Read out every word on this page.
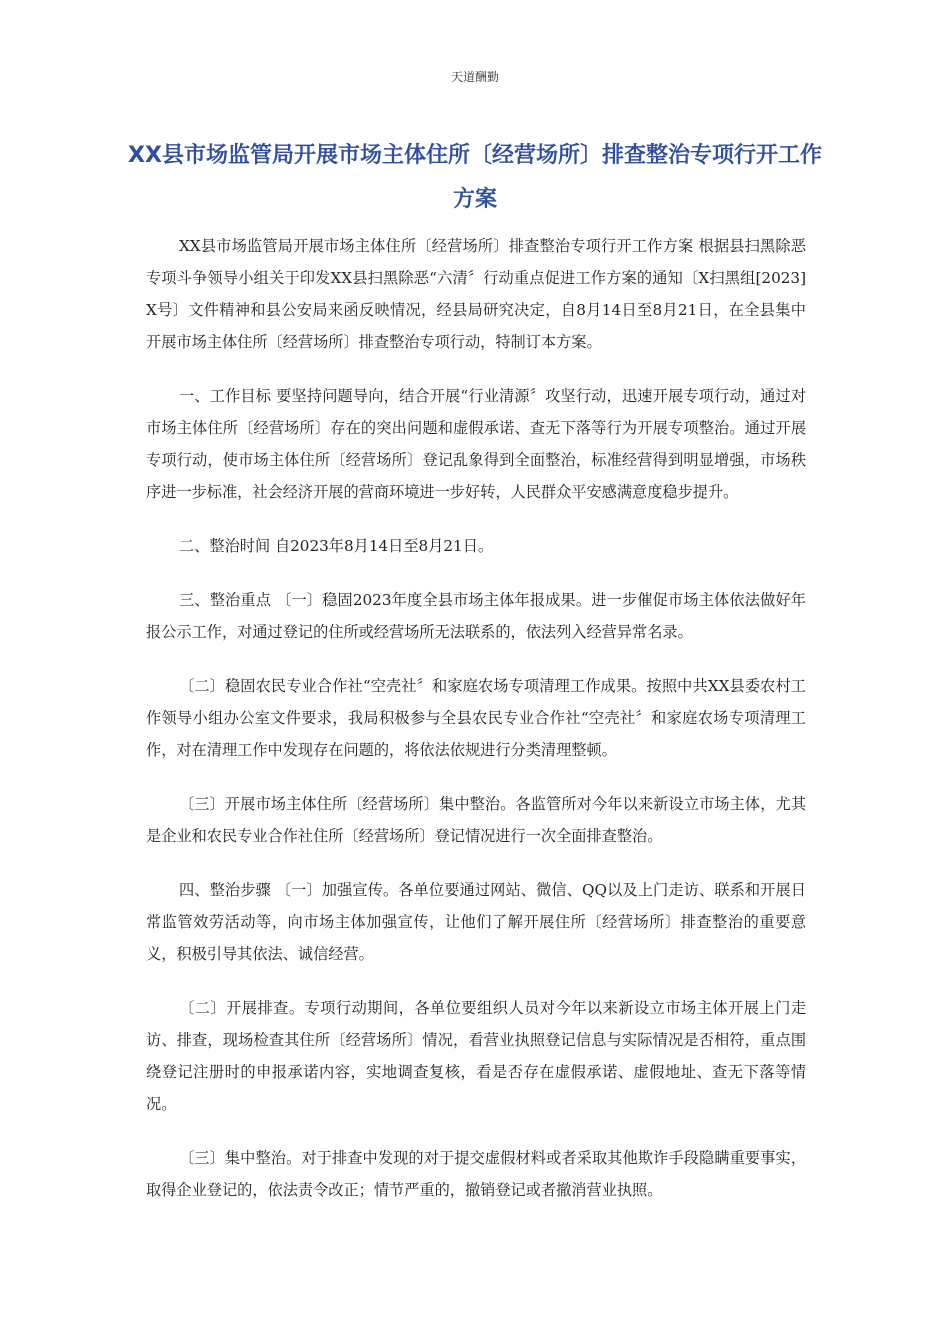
天道酬勤
XX县市场监管局开展市场主体住所〔经营场所〕排查整治专项行开工作方案

XX县市场监管局开展市场主体住所〔经营场所〕排查整治专项行开工作方案 根据县扫黑除恶专项斗争领导小组关于印发XX县扫黑除恶“六清〞行动重点促进工作方案的通知〔X扫黑组[2023]X号〕文件精神和县公安局来函反映情况，经县局研究决定，自8月14日至8月21日，在全县集中开展市场主体住所〔经营场所〕排查整治专项行动，特制订本方案。

一、工作目标 要坚持问题导向，结合开展“行业清源〞攻坚行动，迅速开展专项行动，通过对市场主体住所〔经营场所〕存在的突出问题和虚假承诺、查无下落等行为开展专项整治。通过开展专项行动，使市场主体住所〔经营场所〕登记乱象得到全面整治，标准经营得到明显增强，市场秩序进一步标准，社会经济开展的营商环境进一步好转，人民群众平安感满意度稳步提升。

二、整治时间 自2023年8月14日至8月21日。

三、整治重点 〔一〕稳固2023年度全县市场主体年报成果。进一步催促市场主体依法做好年报公示工作，对通过登记的住所或经营场所无法联系的，依法列入经营异常名录。

〔二〕稳固农民专业合作社“空壳社〞和家庭农场专项清理工作成果。按照中共XX县委农村工作领导小组办公室文件要求，我局积极参与全县农民专业合作社“空壳社〞和家庭农场专项清理工作，对在清理工作中发现存在问题的，将依法依规进行分类清理整顿。

〔三〕开展市场主体住所〔经营场所〕集中整治。各监管所对今年以来新设立市场主体，尤其是企业和农民专业合作社住所〔经营场所〕登记情况进行一次全面排查整治。

四、整治步骤 〔一〕加强宣传。各单位要通过网站、微信、QQ以及上门走访、联系和开展日常监管效劳活动等，向市场主体加强宣传，让他们了解开展住所〔经营场所〕排查整治的重要意义，积极引导其依法、诚信经营。

〔二〕开展排查。专项行动期间，各单位要组织人员对今年以来新设立市场主体开展上门走访、排查，现场检查其住所〔经营场所〕情况，看营业执照登记信息与实际情况是否相符，重点围绕登记注册时的申报承诺内容，实地调查复核，看是否存在虚假承诺、虚假地址、查无下落等情况。

〔三〕集中整治。对于排查中发现的对于提交虚假材料或者采取其他欺诈手段隐瞒重要事实，取得企业登记的，依法责令改正；情节严重的，撤销登记或者撤消营业执照。
